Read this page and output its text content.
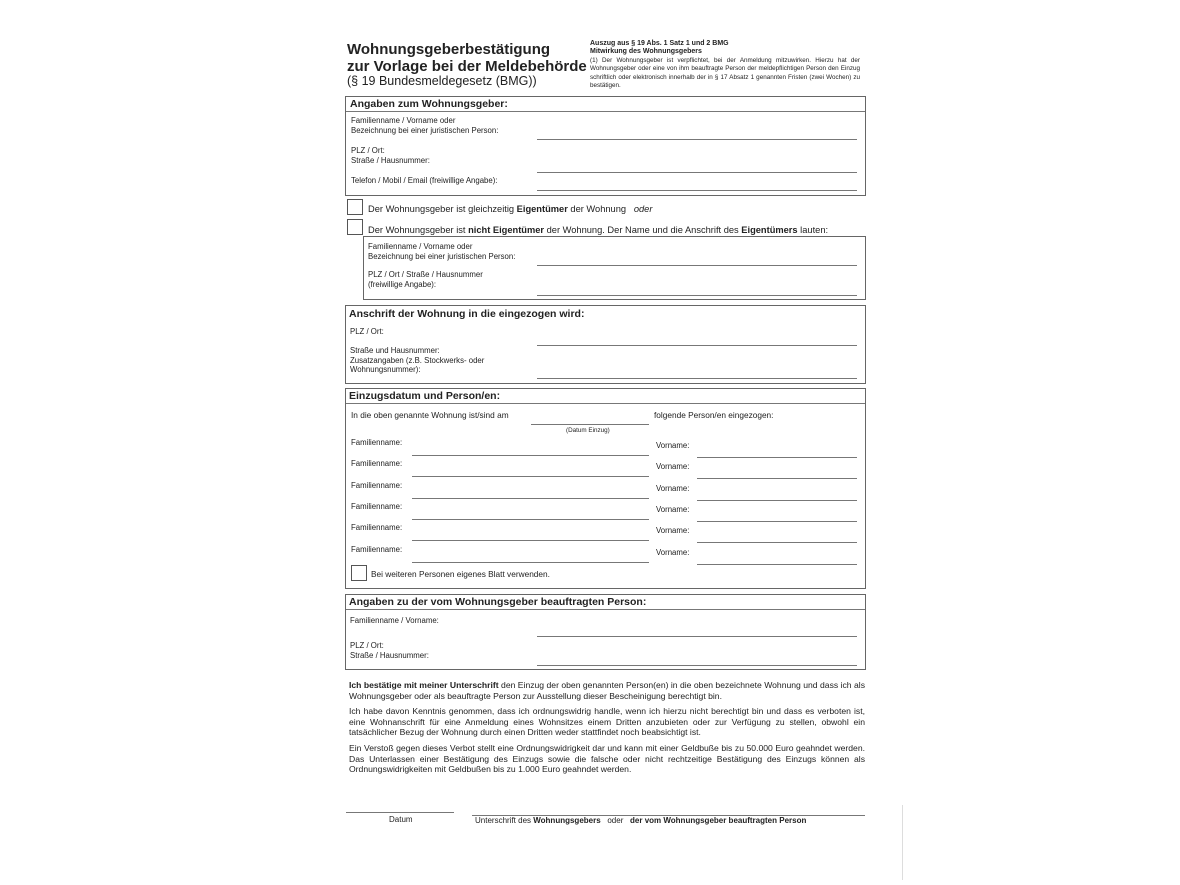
Wohnungsgeberbestätigung
zur Vorlage bei der Meldebehörde
(§ 19 Bundesmeldegesetz (BMG))
Auszug aus § 19 Abs. 1 Satz 1 und 2 BMG
Mitwirkung des Wohnungsgebers
(1) Der Wohnungsgeber ist verpflichtet, bei der Anmeldung mitzuwirken. Hierzu hat der Wohnungsgeber oder eine von ihm beauftragte Person der meldepflichtigen Person den Einzug schriftlich oder elektronisch innerhalb der in § 17 Absatz 1 genannten Fristen (zwei Wochen) zu bestätigen.
Angaben zum Wohnungsgeber:
Familienname / Vorname oder
Bezeichnung bei einer juristischen Person:
PLZ / Ort:
Straße / Hausnummer:
Telefon / Mobil / Email (freiwillige Angabe):
Der Wohnungsgeber ist gleichzeitig Eigentümer der Wohnung oder
Der Wohnungsgeber ist nicht Eigentümer der Wohnung. Der Name und die Anschrift des Eigentümers lauten:
Familienname / Vorname oder
Bezeichnung bei einer juristischen Person:
PLZ / Ort / Straße / Hausnummer
(freiwillige Angabe):
Anschrift der Wohnung in die eingezogen wird:
PLZ / Ort:
Straße und Hausnummer:
Zusatzangaben (z.B. Stockwerks- oder
Wohnungsnummer):
Einzugsdatum und Person/en:
In die oben genannte Wohnung ist/sind am
(Datum Einzug)
folgende Person/en eingezogen:
Familienname:	Vorname:
Familienname:	Vorname:
Familienname:	Vorname:
Familienname:	Vorname:
Familienname:	Vorname:
Familienname:	Vorname:
Bei weiteren Personen eigenes Blatt verwenden.
Angaben zu der vom Wohnungsgeber beauftragten Person:
Familienname / Vorname:
PLZ / Ort:
Straße / Hausnummer:
Ich bestätige mit meiner Unterschrift den Einzug der oben genannten Person(en) in die oben bezeichnete Wohnung und dass ich als Wohnungsgeber oder als beauftragte Person zur Ausstellung dieser Bescheinigung berechtigt bin.
Ich habe davon Kenntnis genommen, dass ich ordnungswidrig handle, wenn ich hierzu nicht berechtigt bin und dass es verboten ist, eine Wohnanschrift für eine Anmeldung eines Wohnsitzes einem Dritten anzubieten oder zur Verfügung zu stellen, obwohl ein tatsächlicher Bezug der Wohnung durch einen Dritten weder stattfindet noch beabsichtigt ist.
Ein Verstoß gegen dieses Verbot stellt eine Ordnungswidrigkeit dar und kann mit einer Geldbuße bis zu 50.000 Euro geahndet werden. Das Unterlassen einer Bestätigung des Einzugs sowie die falsche oder nicht rechtzeitige Bestätigung des Einzugs können als Ordnungswidrigkeiten mit Geldbußen bis zu 1.000 Euro geahndet werden.
Datum	Unterschrift des Wohnungsgebers   oder   der vom Wohnungsgeber beauftragten Person
